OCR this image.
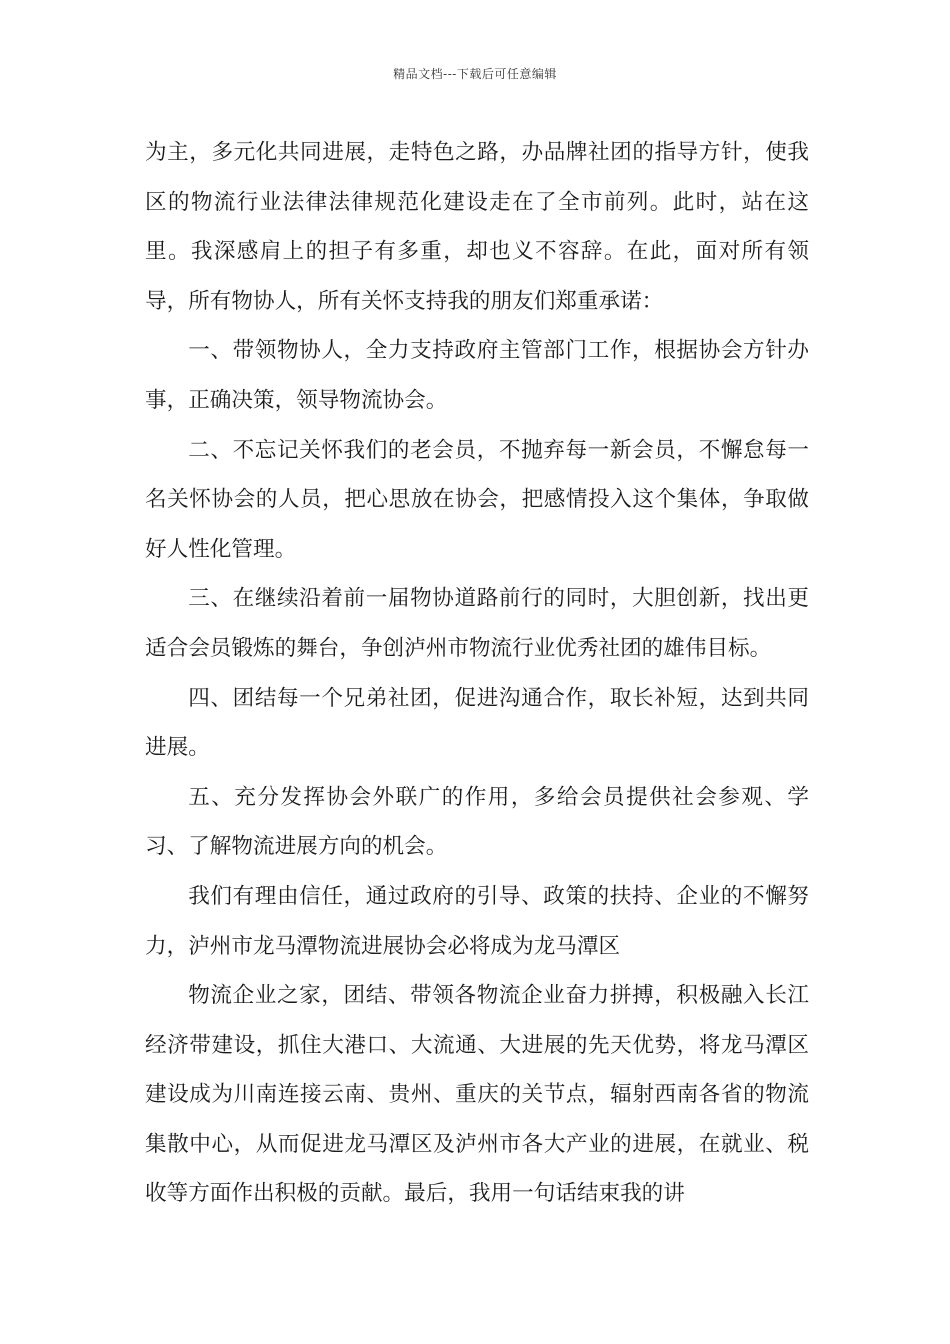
精品文档---下载后可任意编辑

为主，多元化共同进展，走特色之路，办品牌社团的指导方针，使我区的物流行业法律法律规范化建设走在了全市前列。此时，站在这里。我深感肩上的担子有多重，却也义不容辞。在此，面对所有领导，所有物协人，所有关怀支持我的朋友们郑重承诺：

一、带领物协人，全力支持政府主管部门工作，根据协会方针办事，正确决策，领导物流协会。

二、不忘记关怀我们的老会员，不抛弃每一新会员，不懈怠每一名关怀协会的人员，把心思放在协会，把感情投入这个集体，争取做好人性化管理。

三、在继续沿着前一届物协道路前行的同时，大胆创新，找出更适合会员锻炼的舞台，争创泸州市物流行业优秀社团的雄伟目标。

四、团结每一个兄弟社团，促进沟通合作，取长补短，达到共同进展。

五、充分发挥协会外联广的作用，多给会员提供社会参观、学习、了解物流进展方向的机会。

我们有理由信任，通过政府的引导、政策的扶持、企业的不懈努力，泸州市龙马潭物流进展协会必将成为龙马潭区

物流企业之家，团结、带领各物流企业奋力拼搏，积极融入长江经济带建设，抓住大港口、大流通、大进展的先天优势，将龙马潭区建设成为川南连接云南、贵州、重庆的关节点，辐射西南各省的物流集散中心，从而促进龙马潭区及泸州市各大产业的进展，在就业、税收等方面作出积极的贡献。最后，我用一句话结束我的讲
